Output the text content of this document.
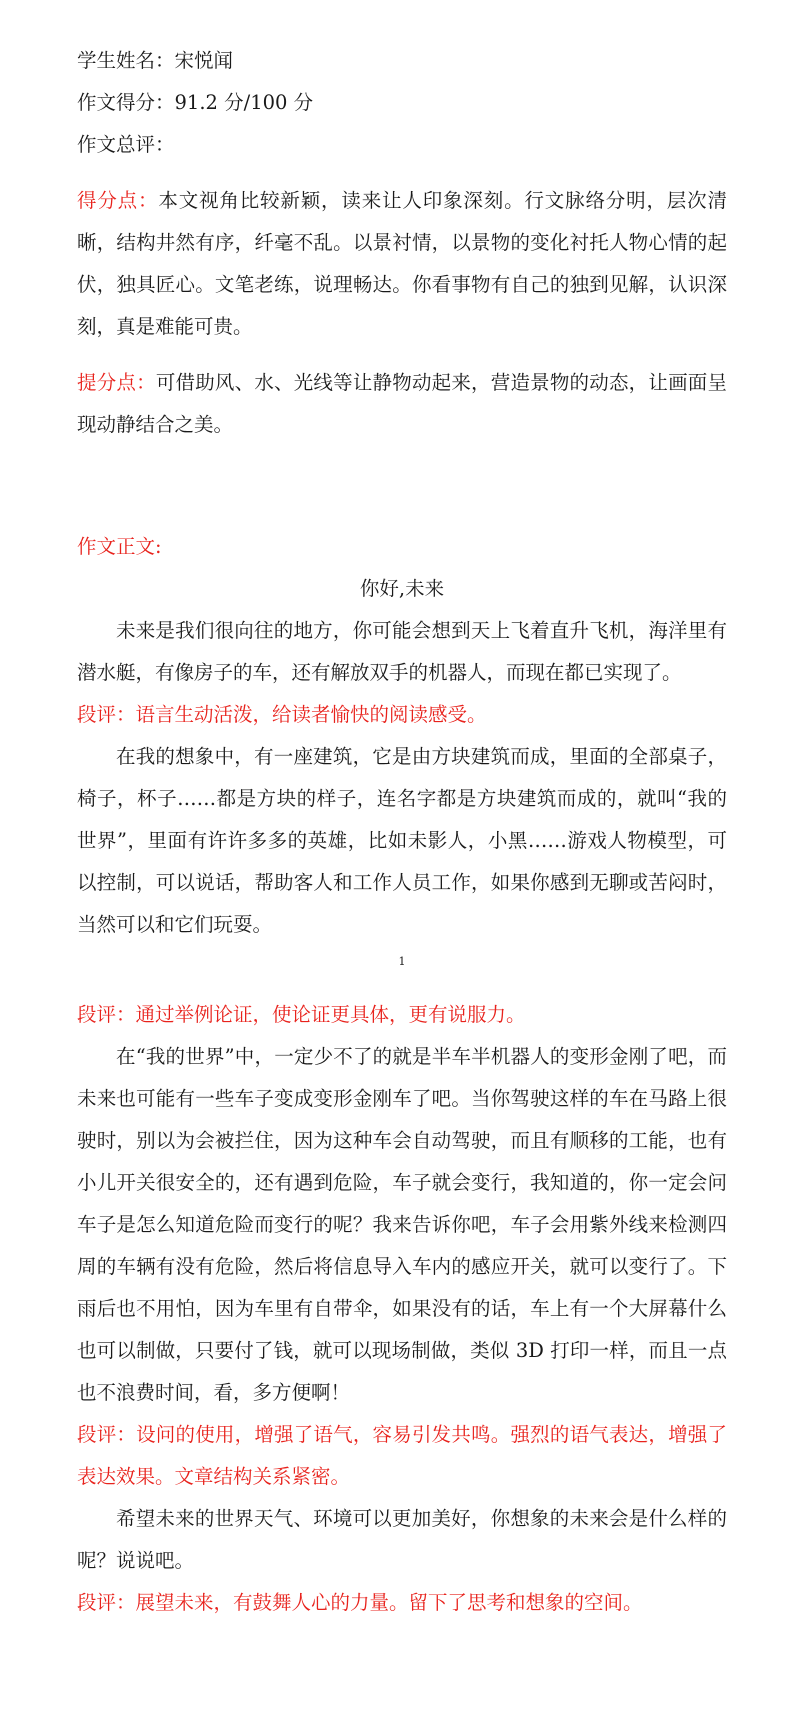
学生姓名：宋悦闻

作文得分：91.2 分/100 分

作文总评：

得分点：本文视角比较新颖，读来让人印象深刻。行文脉络分明，层次清晰，结构井然有序，纤毫不乱。以景衬情，以景物的变化衬托人物心情的起伏，独具匠心。文笔老练，说理畅达。你看事物有自己的独到见解，认识深刻，真是难能可贵。

提分点：可借助风、水、光线等让静物动起来，营造景物的动态，让画面呈现动静结合之美。

作文正文:

你好,未来

未来是我们很向往的地方，你可能会想到天上飞着直升飞机，海洋里有潜水艇，有像房子的车，还有解放双手的机器人，而现在都已实现了。

段评：语言生动活泼，给读者愉快的阅读感受。

在我的想象中，有一座建筑，它是由方块建筑而成，里面的全部桌子，椅子，杯子……都是方块的样子，连名字都是方块建筑而成的，就叫“我的世界”，里面有许许多多的英雄，比如未影人，小黑……游戏人物模型，可以控制，可以说话，帮助客人和工作人员工作，如果你感到无聊或苦闷时，当然可以和它们玩耍。

1

段评：通过举例论证，使论证更具体，更有说服力。

在“我的世界”中，一定少不了的就是半车半机器人的变形金刚了吧，而未来也可能有一些车子变成变形金刚车了吧。当你驾驶这样的车在马路上很驶时，别以为会被拦住，因为这种车会自动驾驶，而且有顺移的工能，也有小儿开关很安全的，还有遇到危险，车子就会变行，我知道的，你一定会问车子是怎么知道危险而变行的呢？我来告诉你吧，车子会用紫外线来检测四周的车辆有没有危险，然后将信息导入车内的感应开关，就可以变行了。下雨后也不用怕，因为车里有自带伞，如果没有的话，车上有一个大屏幕什么也可以制做，只要付了钱，就可以现场制做，类似 3D 打印一样，而且一点也不浪费时间，看，多方便啊！

段评：设问的使用，增强了语气，容易引发共鸣。强烈的语气表达，增强了表达效果。文章结构关系紧密。

希望未来的世界天气、环境可以更加美好，你想象的未来会是什么样的呢？说说吧。

段评：展望未来，有鼓舞人心的力量。留下了思考和想象的空间。
